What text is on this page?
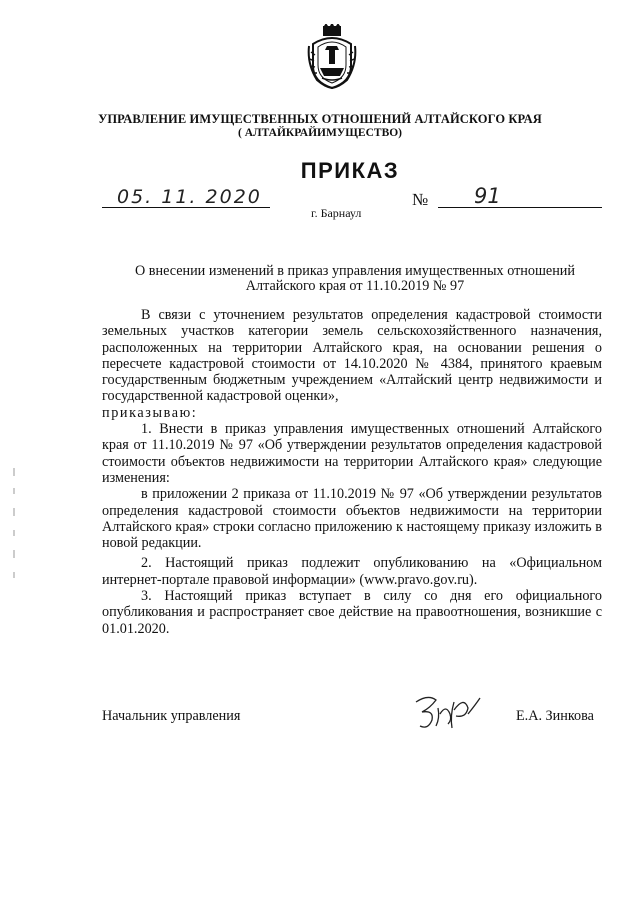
УПРАВЛЕНИЕ ИМУЩЕСТВЕННЫХ ОТНОШЕНИЙ АЛТАЙСКОГО КРАЯ
( АЛТАЙКРАЙИМУЩЕСТВО)
ПРИКАЗ
05. 11. 2020	№ 91
г. Барнаул
О внесении изменений в приказ управления имущественных отношений Алтайского края от 11.10.2019 № 97

В связи с уточнением результатов определения кадастровой стоимости земельных участков категории земель сельскохозяйственного назначения, расположенных на территории Алтайского края, на основании решения о пересчете кадастровой стоимости от 14.10.2020 № 4384, принятого краевым государственным бюджетным учреждением «Алтайский центр недвижимости и государственной кадастровой оценки»,

приказываю:

1. Внести в приказ управления имущественных отношений Алтайского края от 11.10.2019 № 97 «Об утверждении результатов определения кадастровой стоимости объектов недвижимости на территории Алтайского края» следующие изменения:

в приложении 2 приказа от 11.10.2019 № 97 «Об утверждении результатов определения кадастровой стоимости объектов недвижимости на территории Алтайского края» строки согласно приложению к настоящему приказу изложить в новой редакции.

2. Настоящий приказ подлежит опубликованию на «Официальном интернет-портале правовой информации» (www.pravo.gov.ru).

3. Настоящий приказ вступает в силу со дня его официального опубликования и распространяет свое действие на правоотношения, возникшие с 01.01.2020.

Начальник управления	Е.А. Зинкова
